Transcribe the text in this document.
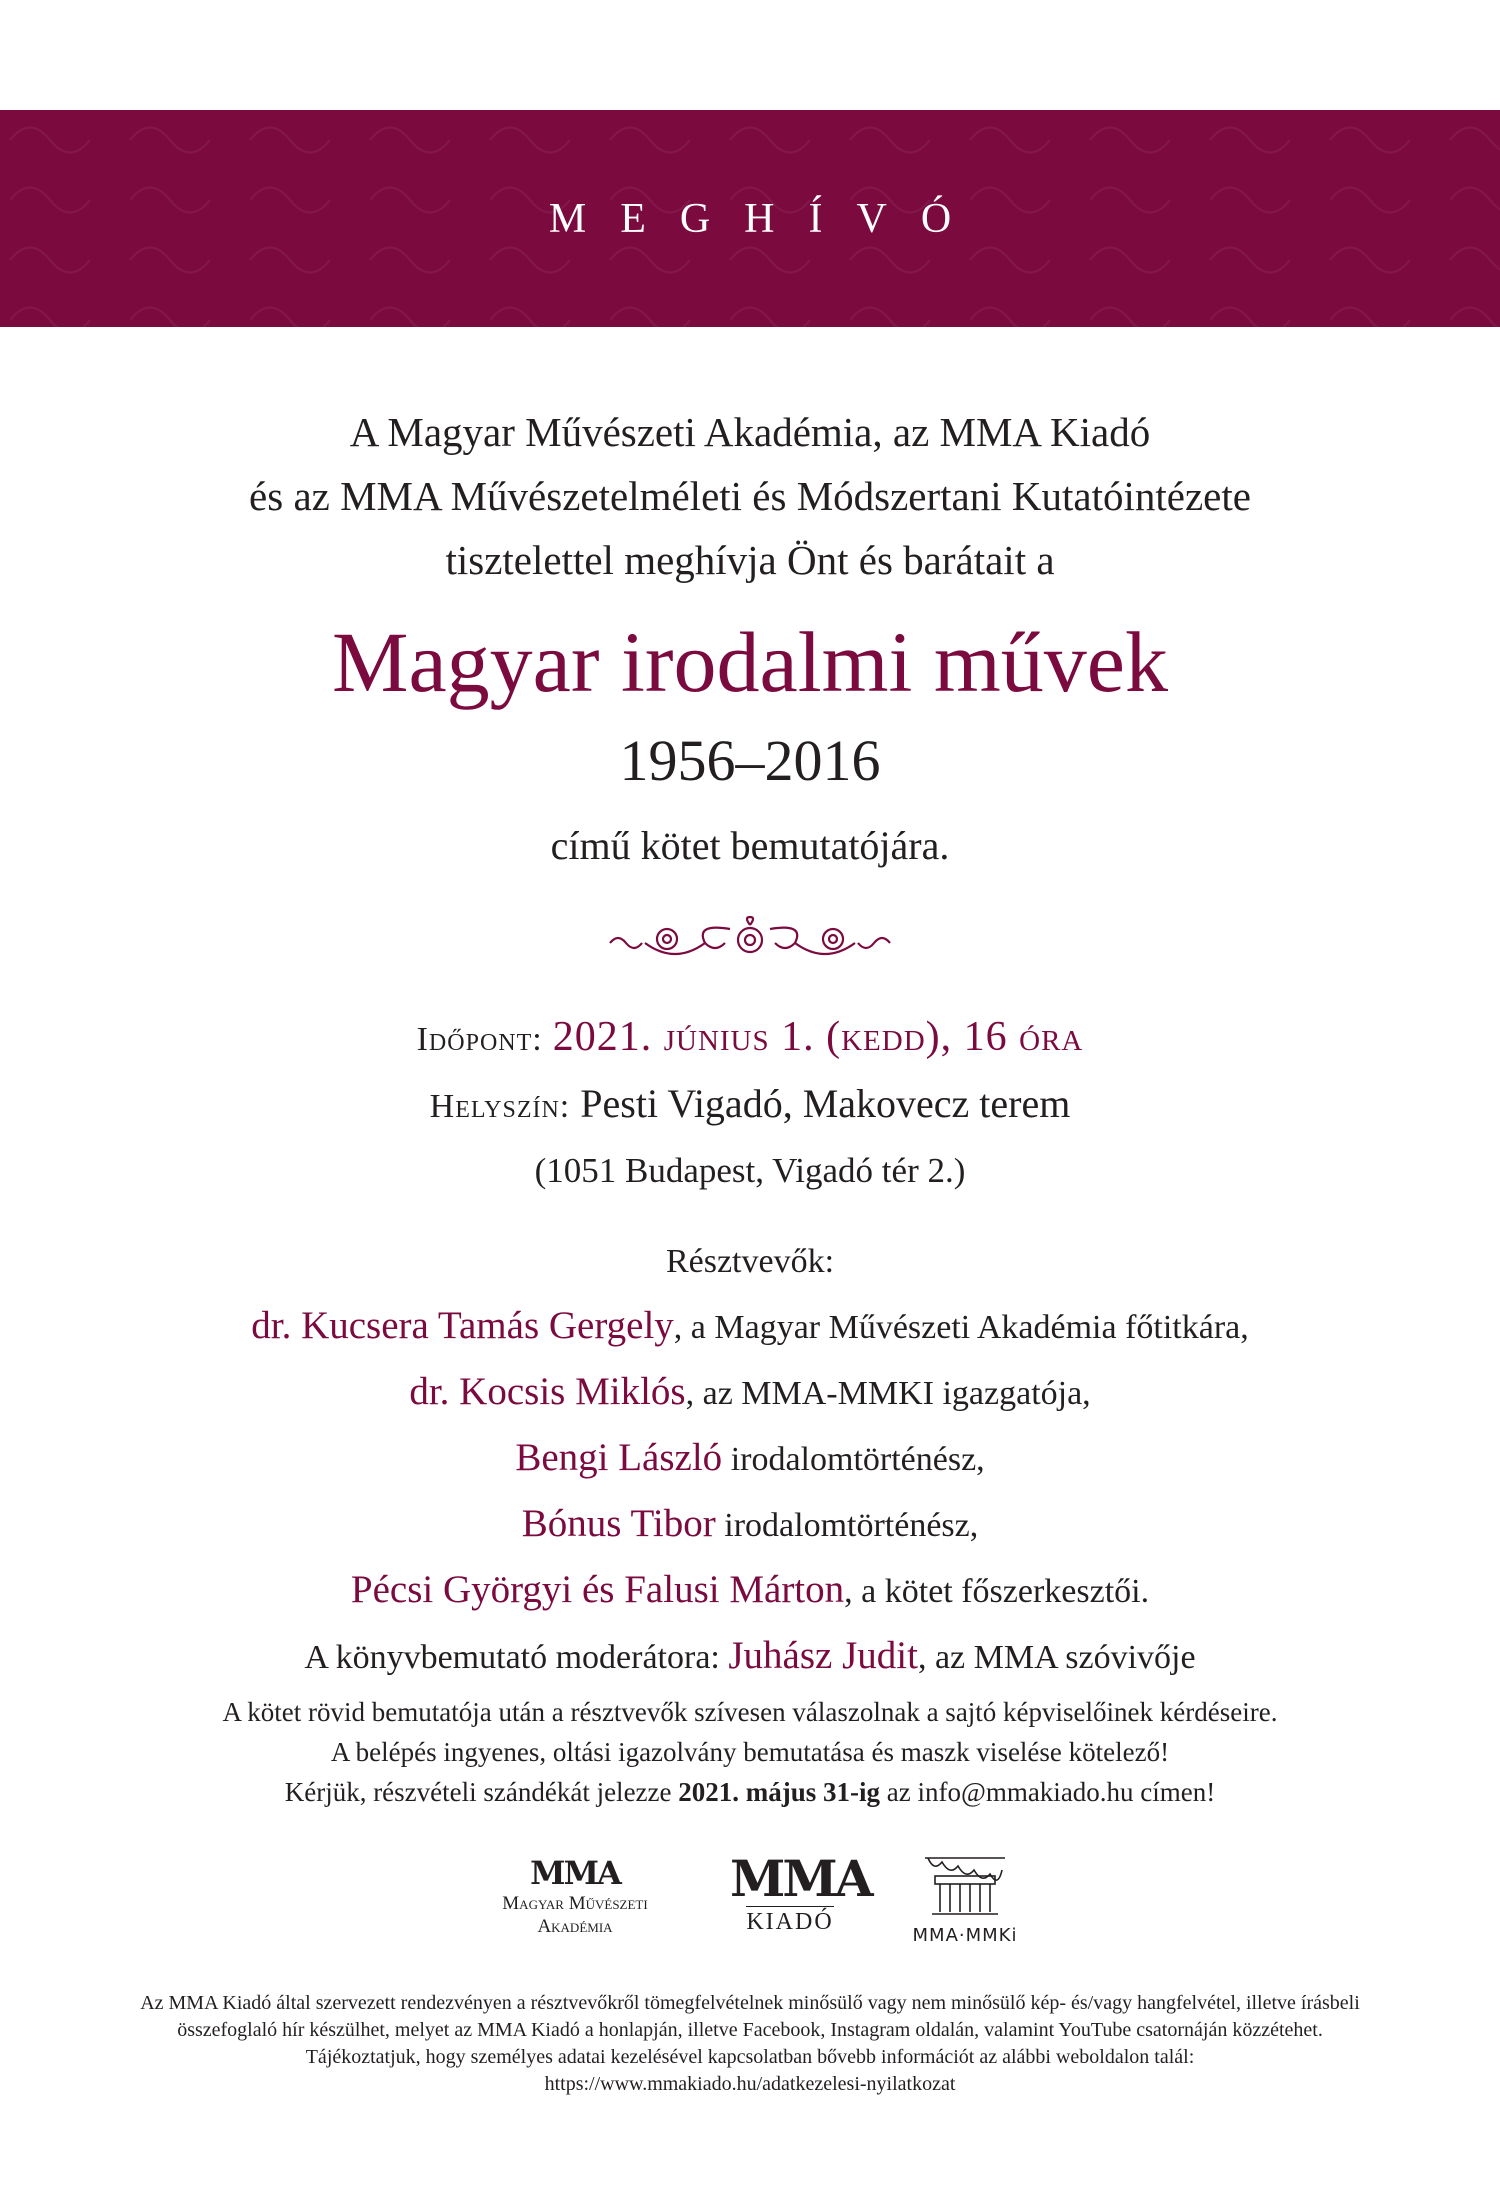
MEGHÍVÓ
A Magyar Művészeti Akadémia, az MMA Kiadó
és az MMA Művészetelméleti és Módszertani Kutatóintézete
tisztelettel meghívja Önt és barátait a
Magyar irodalmi művek
1956–2016
című kötet bemutatójára.
Időpont: 2021. június 1. (kedd), 16 óra
Helyszín: Pesti Vigadó, Makovecz terem
(1051 Budapest, Vigadó tér 2.)
Résztvevők:
dr. Kucsera Tamás Gergely, a Magyar Művészeti Akadémia főtitkára,
dr. Kocsis Miklós, az MMA-MMKI igazgatója,
Bengi László irodalomtörténész,
Bónus Tibor irodalomtörténész,
Pécsi Györgyi és Falusi Márton, a kötet főszerkesztői.
A könyvbemutató moderátora: Juhász Judit, az MMA szóvivője
A kötet rövid bemutatója után a résztvevők szívesen válaszolnak a sajtó képviselőinek kérdéseire.
A belépés ingyenes, oltási igazolvány bemutatása és maszk viselése kötelező!
Kérjük, részvételi szándékát jelezze 2021. május 31-ig az info@mmakiado.hu címen!
MMA
Magyar Művészeti
Akadémia
MMA
KIADÓ
MMA·MMKi
Az MMA Kiadó által szervezett rendezvényen a résztvevőkről tömegfelvételnek minősülő vagy nem minősülő kép- és/vagy hangfelvétel, illetve írásbeli összefoglaló hír készülhet, melyet az MMA Kiadó a honlapján, illetve Facebook, Instagram oldalán, valamint YouTube csatornáján közzétehet. Tájékoztatjuk, hogy személyes adatai kezelésével kapcsolatban bővebb információt az alábbi weboldalon talál:
https://www.mmakiado.hu/adatkezelesi-nyilatkozat
